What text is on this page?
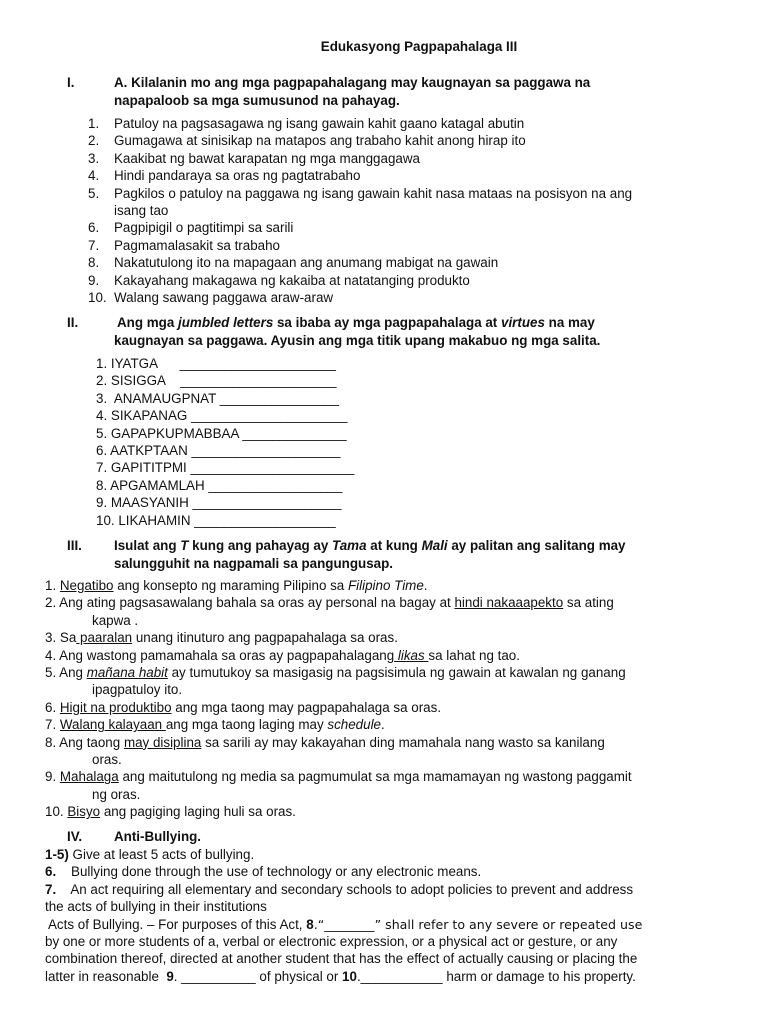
Edukasyong Pagpapahalaga III
I.	A. Kilalanin mo ang mga pagpapahalagang may kaugnayan sa paggawa na
napapaloob sa mga sumusunod na pahayag.
1. Patuloy na pagsasagawa ng isang gawain kahit gaano katagal abutin
2. Gumagawa at sinisikap na matapos ang trabaho kahit anong hirap ito
3. Kaakibat ng bawat karapatan ng mga manggagawa
4. Hindi pandaraya sa oras ng pagtatrabaho
5. Pagkilos o patuloy na paggawa ng isang gawain kahit nasa mataas na posisyon na ang
isang tao
6. Pagpipigil o pagtitimpi sa sarili
7. Pagmamalasakit sa trabaho
8. Nakatutulong ito na mapagaan ang anumang mabigat na gawain
9. Kakayahang makagawa ng kakaiba at natatanging produkto
10. Walang sawang paggawa araw-araw
II.	Ang mga jumbled letters sa ibaba ay mga pagpapahalaga at virtues na may
kaugnayan sa paggawa. Ayusin ang mga titik upang makabuo ng mga salita.
1. IYATGA      _____________________
2. SISIGGA    _____________________
3.  ANAMAUGPNAT ________________
4. SIKAPANAG _____________________
5. GAPAPKUPMABBAA ______________
6. AATKPTAAN ____________________
7. GAPITITPMI ______________________
8. APGAMAMLAH __________________
9. MAASYANIH ____________________
10. LIKAHAMIN ___________________
III. Isulat ang T kung ang pahayag ay Tama at kung Mali ay palitan ang salitang may
salungguhit na nagpamali sa pangungusap.
1. Negatibo ang konsepto ng maraming Pilipino sa Filipino Time.
2. Ang ating pagsasawalang bahala sa oras ay personal na bagay at hindi nakaaapekto sa ating
kapwa .
3. Sa paaralan unang itinuturo ang pagpapahalaga sa oras.
4. Ang wastong pamamahala sa oras ay pagpapahalagang likas sa lahat ng tao.
5. Ang mañana habit ay tumutukoy sa masigasig na pagsisimula ng gawain at kawalan ng ganang
ipagpatuloy ito.
6. Higit na produktibo ang mga taong may pagpapahalaga sa oras.
7. Walang kalayaan ang mga taong laging may schedule.
8. Ang taong may disiplina sa sarili ay may kakayahan ding mamahala nang wasto sa kanilang
oras.
9. Mahalaga ang maitutulong ng media sa pagmumulat sa mga mamamayan ng wastong paggamit
ng oras.
10. Bisyo ang pagiging laging huli sa oras.
IV. Anti-Bullying.
1-5) Give at least 5 acts of bullying.
6.    Bullying done through the use of technology or any electronic means.
7.    An act requiring all elementary and secondary schools to adopt policies to prevent and address
the acts of bullying in their institutions
Acts of Bullying. – For purposes of this Act, 8.“________” shall refer to any severe or repeated use
by one or more students of a, verbal or electronic expression, or a physical act or gesture, or any
combination thereof, directed at another student that has the effect of actually causing or placing the
latter in reasonable  9. __________ of physical or 10.___________ harm or damage to his property.
